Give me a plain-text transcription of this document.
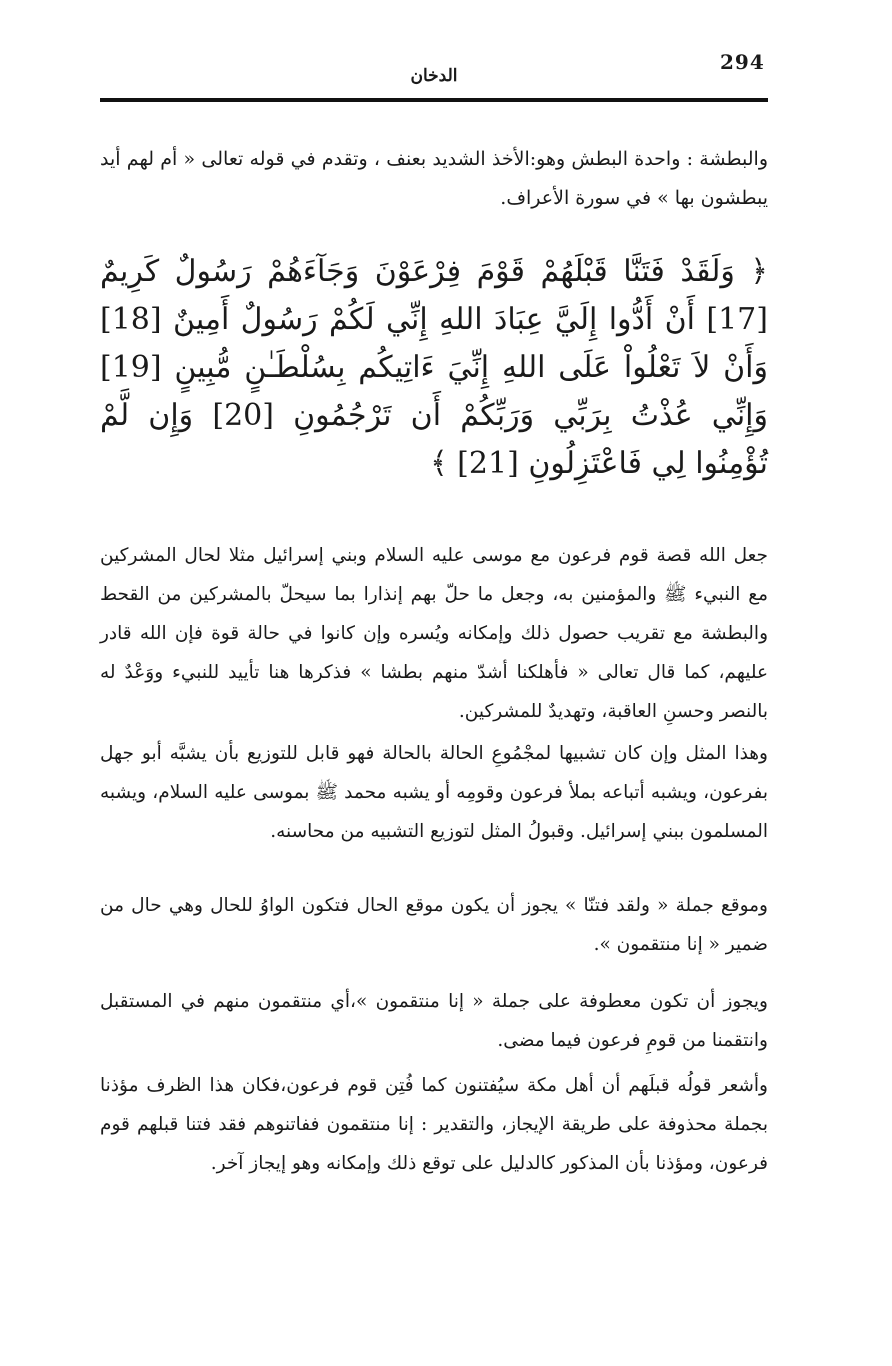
294
الدخان

والبطشة : واحدة البطش وهو:الأخذ الشديد بعنف ، وتقدم في قوله تعالى « أم لهم أيد يبطشون بها » في سورة الأعراف.

﴿ وَلَقَدْ فَتَنَّا قَبْلَهُمْ قَوْمَ فِرْعَوْنَ وَجَآءَهُمْ رَسُولٌ كَرِيمٌ [17] أَنْ أَدُّوا إِلَيَّ عِبَادَ اللهِ إِنِّي لَكُمْ رَسُولٌ أَمِينٌ [18] وَأَنْ لاَ تَعْلُواْ عَلَى اللهِ إِنِّيَ ءَاتِيكُم بِسُلْطَـٰنٍ مُّبِينٍ [19] وَإِنِّي عُذْتُ بِرَبِّي وَرَبِّكُمْ أَن تَرْجُمُونِ [20] وَإِن لَّمْ تُؤْمِنُوا لِي فَاعْتَزِلُونِ [21] ﴾

جعل الله قصة قوم فرعون مع موسى عليه السلام وبني إسرائيل مثلا لحال المشركين مع النبيء ﷺ والمؤمنين به، وجعل ما حلّ بهم إنذارا بما سيحلّ بالمشركين من القحط والبطشة مع تقريب حصول ذلك وإمكانه ويُسره وإن كانوا في حالة قوة فإن الله قادر عليهم، كما قال تعالى « فأهلكنا أشدّ منهم بطشا » فذكرها هنا تأييد للنبيء ووَعْدٌ له بالنصر وحسنِ العاقبة، وتهديدٌ للمشركين.

وهذا المثل وإن كان تشبيها لمجْمُوعِ الحالة بالحالة فهو قابل للتوزيع بأن يشبَّه أبو جهل بفرعون، ويشبه أتباعه بملأ فرعون وقومِه أو يشبه محمد ﷺ بموسى عليه السلام، ويشبه المسلمون ببني إسرائيل. وقبولُ المثل لتوزيع التشبيه من محاسنه.

وموقع جملة « ولقد فتنّا » يجوز أن يكون موقع الحال فتكون الواوُ للحال وهي حال من ضمير « إنا منتقمون ».

ويجوز أن تكون معطوفة على جملة « إنا منتقمون »،أي منتقمون منهم في المستقبل وانتقمنا من قومِ فرعون فيما مضى.

وأشعر قولُه قبلَهم أن أهل مكة سيُفتنون كما فُتِن قوم فرعون،فكان هذا الظرف مؤذنا بجملة محذوفة على طريقة الإيجاز، والتقدير : إنا منتقمون ففاتنوهم فقد فتنا قبلهم قوم فرعون، ومؤذنا بأن المذكور كالدليل على توقع ذلك وإمكانه وهو إيجاز آخر.
